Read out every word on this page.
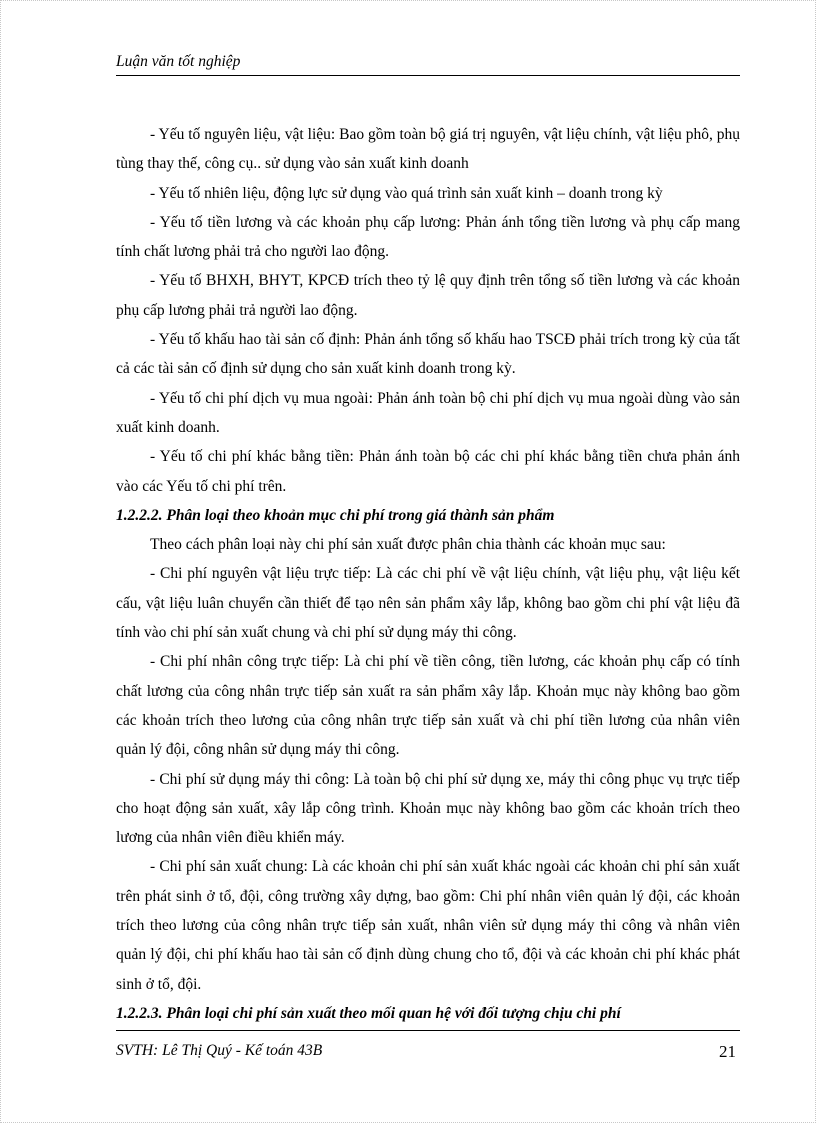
Luận văn tốt nghiệp

- Yếu tố nguyên liệu, vật liệu: Bao gồm toàn bộ giá trị nguyên, vật liệu chính, vật liệu phô, phụ tùng thay thế, công cụ.. sử dụng vào sản xuất kinh doanh

- Yếu tố nhiên liệu, động lực sử dụng vào quá trình sản xuất kinh – doanh trong kỳ

- Yếu tố tiền lương và các khoản phụ cấp lương: Phản ánh tổng tiền lương và phụ cấp mang tính chất lương phải trả cho người lao động.

- Yếu tố BHXH, BHYT, KPCĐ trích theo tỷ lệ quy định trên tổng số tiền lương và các khoản phụ cấp lương phải trả người lao động.

- Yếu tố khấu hao tài sản cố định: Phản ánh tổng số khấu hao TSCĐ phải trích trong kỳ của tất cả các tài sản cố định sử dụng cho sản xuất kinh doanh trong kỳ.

- Yếu tố chi phí dịch vụ mua ngoài: Phản ánh toàn bộ chi phí dịch vụ mua ngoài dùng vào sản xuất kinh doanh.

- Yếu tố chi phí khác bằng tiền: Phản ánh toàn bộ các chi phí khác bằng tiền chưa phản ánh vào các Yếu tố chi phí trên.

1.2.2.2. Phân loại theo khoản mục chi phí trong giá thành sản phẩm

Theo cách phân loại này chi phí sản xuất được phân chia thành các khoản mục sau:

- Chi phí nguyên vật liệu trực tiếp: Là các chi phí về vật liệu chính, vật liệu phụ, vật liệu kết cấu, vật liệu luân chuyển cần thiết để tạo nên sản phẩm xây lắp, không bao gồm chi phí vật liệu đã tính vào chi phí sản xuất chung và chi phí sử dụng máy thi công.

- Chi phí nhân công trực tiếp: Là chi phí về tiền công, tiền lương, các khoản phụ cấp có tính chất lương của công nhân trực tiếp sản xuất ra sản phẩm xây lắp. Khoản mục này không bao gồm các khoản trích theo lương của công nhân trực tiếp sản xuất và chi phí tiền lương của nhân viên quản lý đội, công nhân sử dụng máy thi công.

- Chi phí sử dụng máy thi công: Là toàn bộ chi phí sử dụng xe, máy thi công phục vụ trực tiếp cho hoạt động sản xuất, xây lắp công trình. Khoản mục này không bao gồm các khoản trích theo lương của nhân viên điều khiển máy.

- Chi phí sản xuất chung: Là các khoản chi phí sản xuất khác ngoài các khoản chi phí sản xuất trên phát sinh ở tổ, đội, công trường xây dựng, bao gồm: Chi phí nhân viên quản lý đội, các khoản trích theo lương của công nhân trực tiếp sản xuất, nhân viên sử dụng máy thi công và nhân viên quản lý đội, chi phí khấu hao tài sản cố định dùng chung cho tổ, đội và các khoản chi phí khác phát sinh ở tổ, đội.

1.2.2.3. Phân loại chi phí sản xuất theo mối quan hệ với đối tượng chịu chi phí
SVTH: Lê Thị Quý - Kế toán 43B	21
